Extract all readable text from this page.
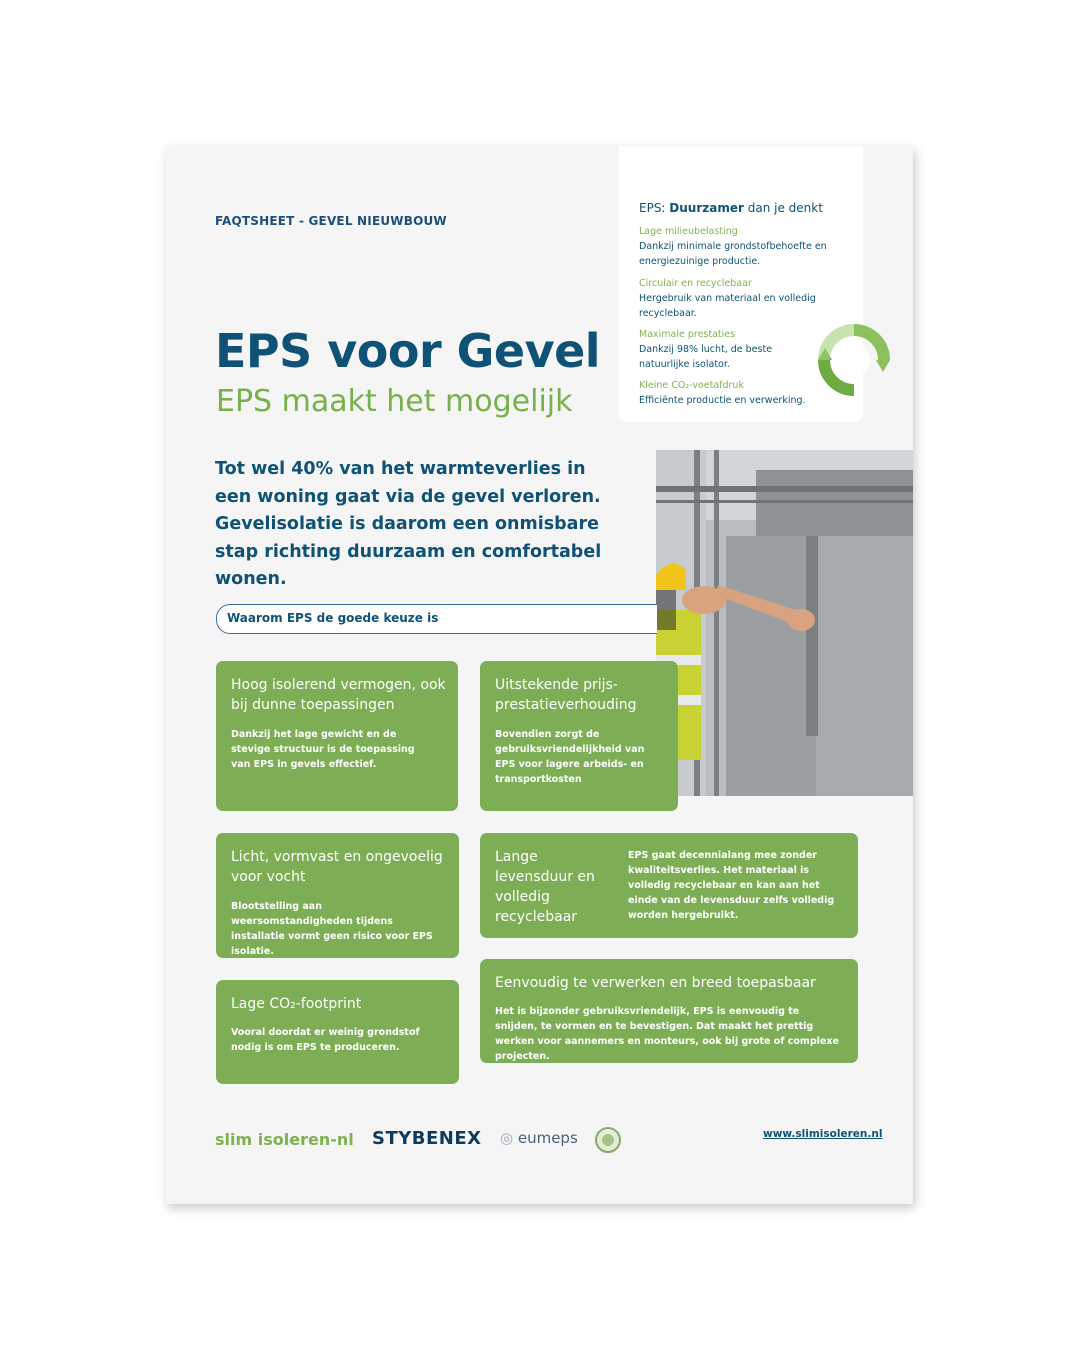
FAQTSHEET - GEVEL NIEUWBOUW
EPS voor Gevel
EPS maakt het mogelijk
Tot wel 40% van het warmteverlies in een woning gaat via de gevel verloren. Gevelisolatie is daarom een onmisbare stap richting duurzaam en comfortabel wonen.
EPS: Duurzamer dan je denkt
Lage milieubelasting
Dankzij minimale grondstofbehoefte en energiezuinige productie.
Circulair en recyclebaar
Hergebruik van materiaal en volledig recyclebaar.
Maximale prestaties
Dankzij 98% lucht, de beste natuurlijke isolator.
Kleine CO₂-voetafdruk
Efficiënte productie en verwerking.
Waarom EPS de goede keuze is
Hoog isolerend vermogen, ook bij dunne toepassingen
Dankzij het lage gewicht en de stevige structuur is de toepassing van EPS in gevels effectief.
Uitstekende prijs-prestatieverhouding
Bovendien zorgt de gebruiksvriendelijkheid van EPS voor lagere arbeids- en transportkosten
Licht, vormvast en ongevoelig voor vocht
Blootstelling aan weersomstandigheden tijdens installatie vormt geen risico voor EPS isolatie.
Lange levensduur en volledig recyclebaar
EPS gaat decennialang mee zonder kwaliteitsverlies. Het materiaal is volledig recyclebaar en kan aan het einde van de levensduur zelfs volledig worden hergebruikt.
Lage CO₂-footprint
Vooral doordat er weinig grondstof nodig is om EPS te produceren.
Eenvoudig te verwerken en breed toepasbaar
Het is bijzonder gebruiksvriendelijk, EPS is eenvoudig te snijden, te vormen en te bevestigen. Dat maakt het prettig werken voor aannemers en monteurs, ook bij grote of complexe projecten.
slim isoleren-nl STYBENEX ◎ eumeps	www.slimisoleren.nl
